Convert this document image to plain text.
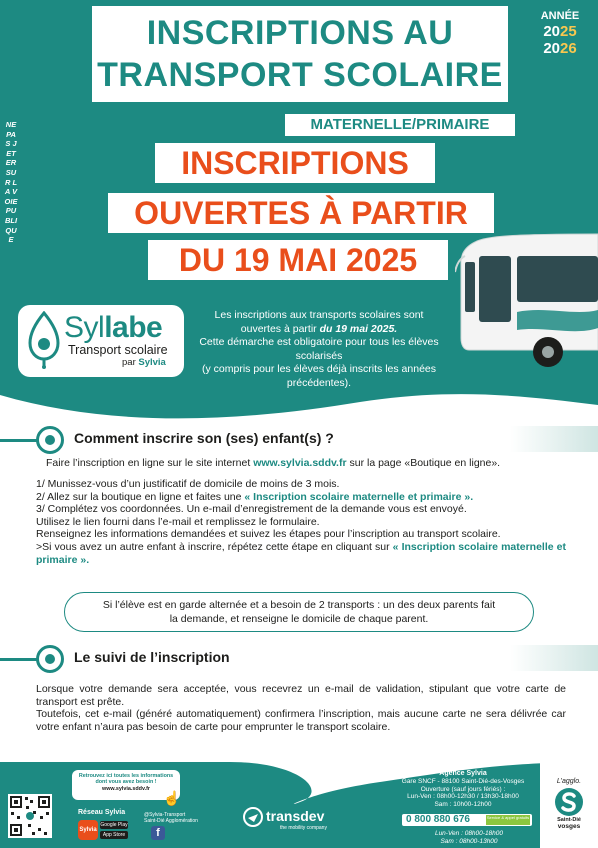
INSCRIPTIONS AU
TRANSPORT SCOLAIRE
ANNÉE
2025
2026
MATERNELLE/PRIMAIRE
INSCRIPTIONS
OUVERTES À PARTIR
DU 19 MAI 2025
NE PAS JETER SUR LA VOIE PUBLIQUE
Syllabe
Transport scolaire
par Sylvia
Les inscriptions aux transports scolaires sont
ouvertes à partir du 19 mai 2025.
Cette démarche est obligatoire pour tous les élèves
scolarisés
(y compris pour les élèves déjà inscrits les années
précédentes).
Comment inscrire son (ses) enfant(s) ?
Faire l’inscription en ligne sur le site internet www.sylvia.sddv.fr sur la page «Boutique en ligne».

1/ Munissez-vous d’un justificatif de domicile de moins de 3 mois.

2/ Allez sur la boutique en ligne et faites une « Inscription scolaire maternelle et primaire ».

3/ Complétez vos coordonnées. Un e-mail d’enregistrement de la demande vous est envoyé.

Utilisez le lien fourni dans l’e-mail et remplissez le formulaire.

Renseignez les informations demandées et suivez les étapes pour l’inscription au transport scolaire.

>Si vous avez un autre enfant à inscrire, répétez cette étape en cliquant sur « Inscription scolaire maternelle et primaire ».

Si l’élève est en garde alternée et a besoin de 2 transports : un des deux parents fait
la demande, et renseigne le domicile de chaque parent.
Le suivi de l’inscription

Lorsque votre demande sera acceptée, vous recevrez un e-mail de validation, stipulant que votre carte de transport est prête.

Toutefois, cet e-mail (généré automatiquement) confirmera l’inscription, mais aucune carte ne sera délivrée car votre enfant n’aura pas besoin de carte pour emprunter le transport scolaire.

Retrouvez ici toutes les informations
dont vous avez besoin !
www.sylvia.sddv.fr
☝
Réseau Sylvia
Sylvia
Google Play
App Store
@Sylvia-Transport
Saint-Dié Agglomération
f
transdev
the mobility company
Agence Sylvia
Gare SNCF - 88100 Saint-Dié-des-Vosges
Ouverture (sauf jours fériés) :
Lun-Ven : 08h00-12h30 / 13h30-18h00
Sam : 10h00-12h00
0 800 880 676	Service & appel gratuits
Lun-Ven : 08h00-18h00
Sam : 08h00-13h00
L’agglo.
Saint-Dié
vosges
